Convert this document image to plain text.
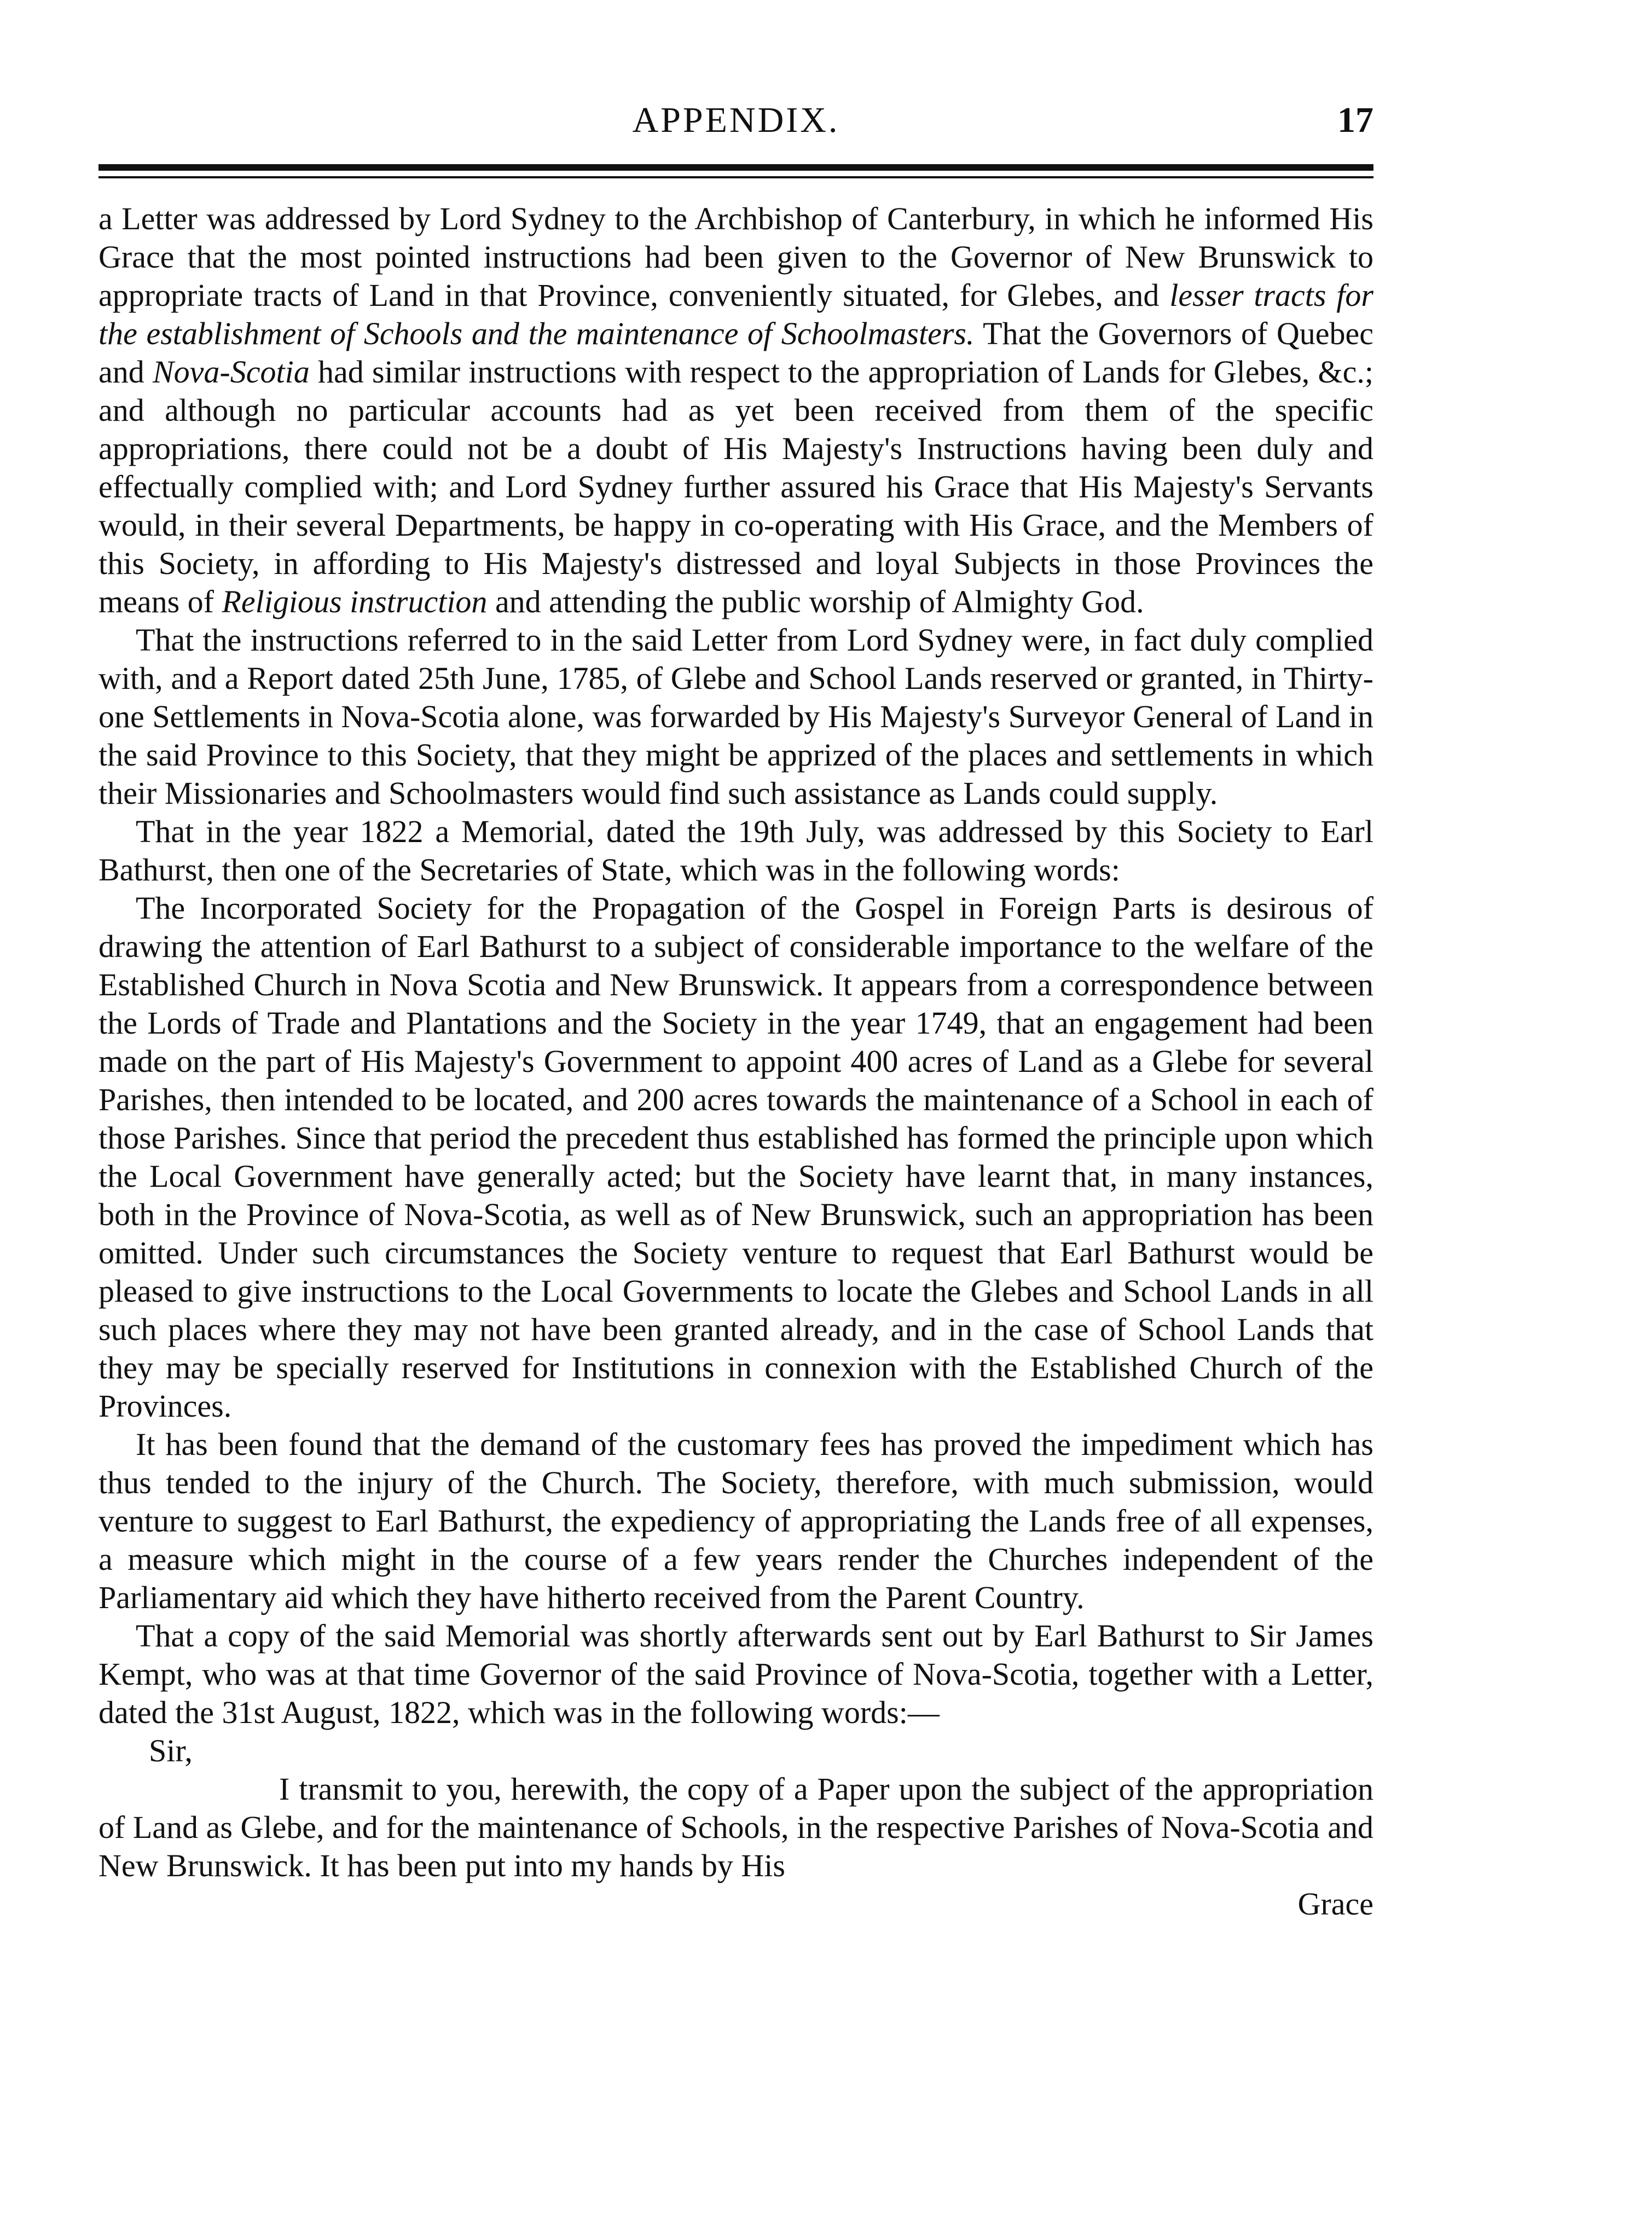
APPENDIX.	17

a Letter was addressed by Lord Sydney to the Archbishop of Canterbury, in which he informed His Grace that the most pointed instructions had been given to the Governor of New Brunswick to appropriate tracts of Land in that Province, conveniently situated, for Glebes, and lesser tracts for the establishment of Schools and the maintenance of Schoolmasters. That the Governors of Quebec and Nova-Scotia had similar instructions with respect to the appropriation of Lands for Glebes, &c.; and although no particular accounts had as yet been received from them of the specific appropriations, there could not be a doubt of His Majesty's Instructions having been duly and effectually complied with; and Lord Sydney further assured his Grace that His Majesty's Servants would, in their several Departments, be happy in co-operating with His Grace, and the Members of this Society, in affording to His Majesty's distressed and loyal Subjects in those Provinces the means of Religious instruction and attending the public worship of Almighty God.

That the instructions referred to in the said Letter from Lord Sydney were, in fact duly complied with, and a Report dated 25th June, 1785, of Glebe and School Lands reserved or granted, in Thirty-one Settlements in Nova-Scotia alone, was forwarded by His Majesty's Surveyor General of Land in the said Province to this Society, that they might be apprized of the places and settlements in which their Missionaries and Schoolmasters would find such assistance as Lands could supply.

That in the year 1822 a Memorial, dated the 19th July, was addressed by this Society to Earl Bathurst, then one of the Secretaries of State, which was in the following words:

The Incorporated Society for the Propagation of the Gospel in Foreign Parts is desirous of drawing the attention of Earl Bathurst to a subject of considerable importance to the welfare of the Established Church in Nova Scotia and New Brunswick. It appears from a correspondence between the Lords of Trade and Plantations and the Society in the year 1749, that an engagement had been made on the part of His Majesty's Government to appoint 400 acres of Land as a Glebe for several Parishes, then intended to be located, and 200 acres towards the maintenance of a School in each of those Parishes. Since that period the precedent thus established has formed the principle upon which the Local Government have generally acted; but the Society have learnt that, in many instances, both in the Province of Nova-Scotia, as well as of New Brunswick, such an appropriation has been omitted. Under such circumstances the Society venture to request that Earl Bathurst would be pleased to give instructions to the Local Governments to locate the Glebes and School Lands in all such places where they may not have been granted already, and in the case of School Lands that they may be specially reserved for Institutions in connexion with the Established Church of the Provinces.

It has been found that the demand of the customary fees has proved the impediment which has thus tended to the injury of the Church. The Society, therefore, with much submission, would venture to suggest to Earl Bathurst, the expediency of appropriating the Lands free of all expenses, a measure which might in the course of a few years render the Churches independent of the Parliamentary aid which they have hitherto received from the Parent Country.

That a copy of the said Memorial was shortly afterwards sent out by Earl Bathurst to Sir James Kempt, who was at that time Governor of the said Province of Nova-Scotia, together with a Letter, dated the 31st August, 1822, which was in the following words:—

Sir,

I transmit to you, herewith, the copy of a Paper upon the subject of the appropriation of Land as Glebe, and for the maintenance of Schools, in the respective Parishes of Nova-Scotia and New Brunswick. It has been put into my hands by His

Grace
